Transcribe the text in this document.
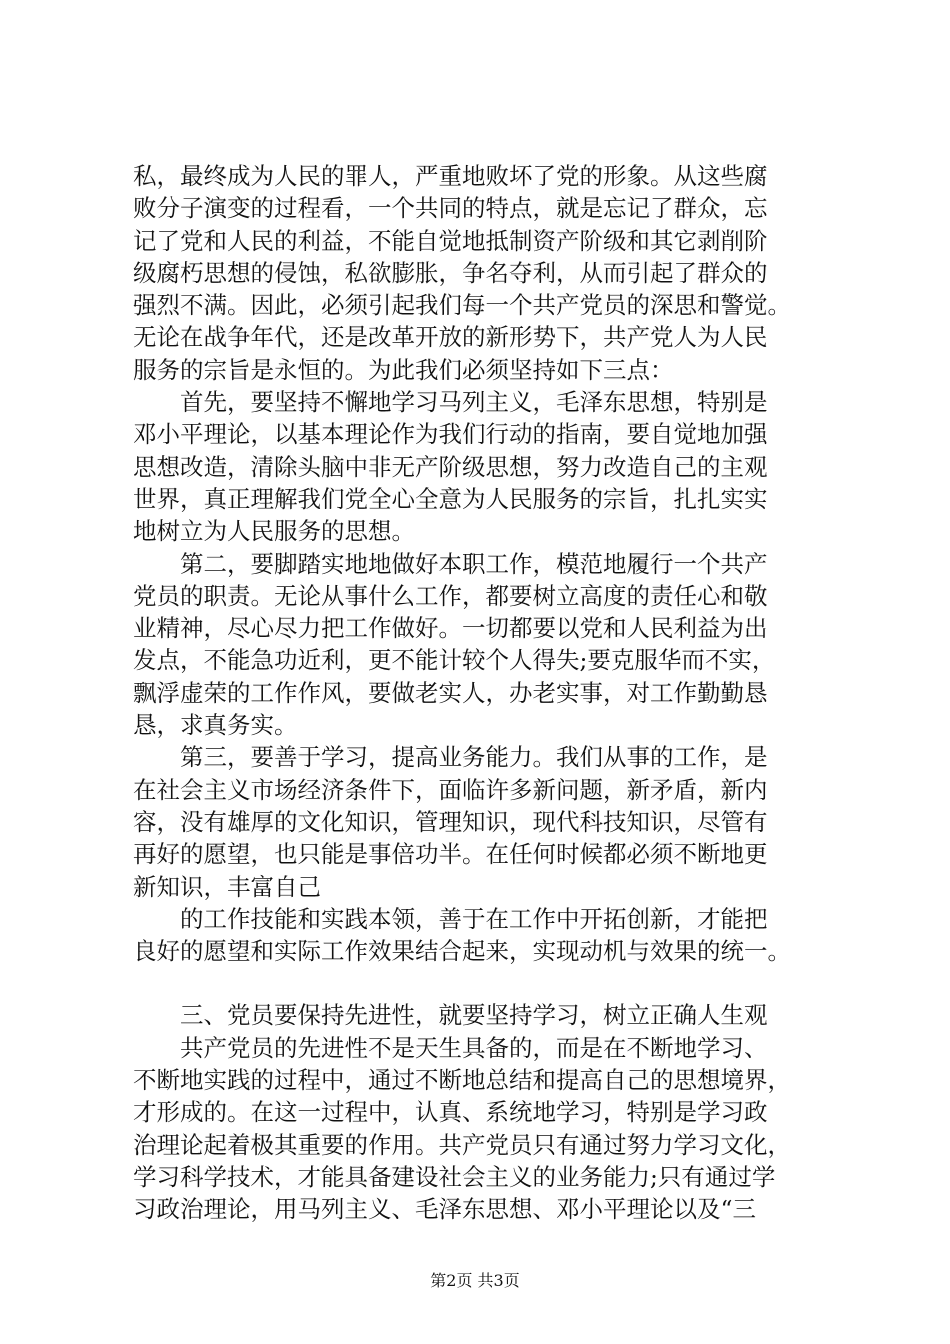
私，最终成为人民的罪人，严重地败坏了党的形象。从这些腐
败分子演变的过程看，一个共同的特点，就是忘记了群众，忘
记了党和人民的利益，不能自觉地抵制资产阶级和其它剥削阶
级腐朽思想的侵蚀，私欲膨胀，争名夺利，从而引起了群众的
强烈不满。因此，必须引起我们每一个共产党员的深思和警觉。
无论在战争年代，还是改革开放的新形势下，共产党人为人民
服务的宗旨是永恒的。为此我们必须坚持如下三点：
首先，要坚持不懈地学习马列主义，毛泽东思想，特别是
邓小平理论，以基本理论作为我们行动的指南，要自觉地加强
思想改造，清除头脑中非无产阶级思想，努力改造自己的主观
世界，真正理解我们党全心全意为人民服务的宗旨，扎扎实实
地树立为人民服务的思想。
第二，要脚踏实地地做好本职工作，模范地履行一个共产
党员的职责。无论从事什么工作，都要树立高度的责任心和敬
业精神，尽心尽力把工作做好。一切都要以党和人民利益为出
发点，不能急功近利，更不能计较个人得失;要克服华而不实，
飘浮虚荣的工作作风，要做老实人，办老实事，对工作勤勤恳
恳，求真务实。
第三，要善于学习，提高业务能力。我们从事的工作，是
在社会主义市场经济条件下，面临许多新问题，新矛盾，新内
容，没有雄厚的文化知识，管理知识，现代科技知识，尽管有
再好的愿望，也只能是事倍功半。在任何时候都必须不断地更
新知识，丰富自己
的工作技能和实践本领，善于在工作中开拓创新，才能把
良好的愿望和实际工作效果结合起来，实现动机与效果的统一。
三、党员要保持先进性，就要坚持学习，树立正确人生观
共产党员的先进性不是天生具备的，而是在不断地学习、
不断地实践的过程中，通过不断地总结和提高自己的思想境界，
才形成的。在这一过程中，认真、系统地学习，特别是学习政
治理论起着极其重要的作用。共产党员只有通过努力学习文化，
学习科学技术，才能具备建设社会主义的业务能力;只有通过学
习政治理论，用马列主义、毛泽东思想、邓小平理论以及“三
第2页 共3页
